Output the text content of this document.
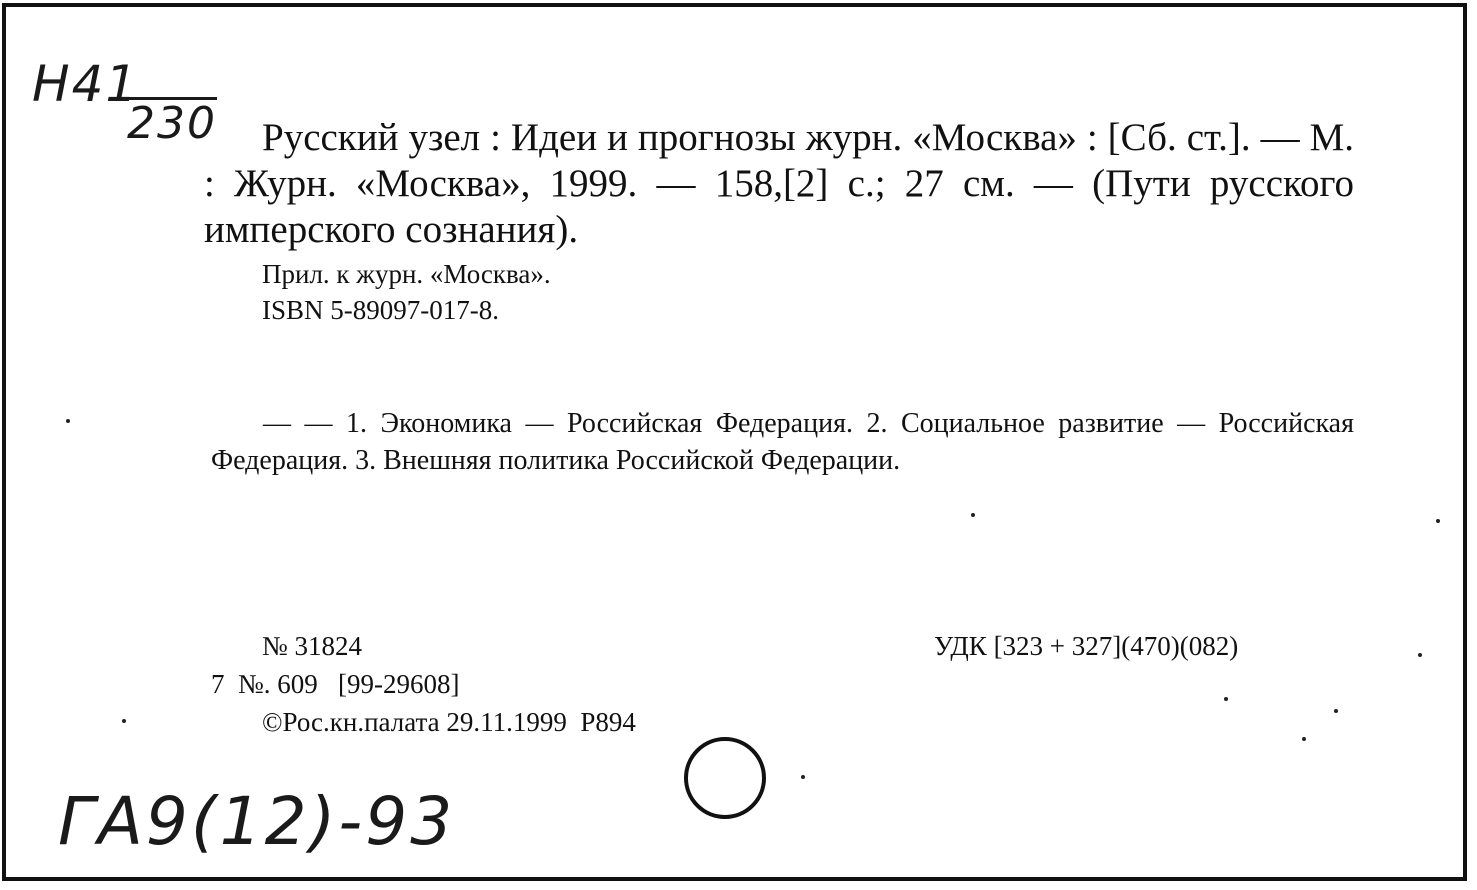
Н41
230	Русский узел : Идеи и прогнозы журн. «Москва» : [Сб. ст.]. — М. : Журн. «Москва», 1999. — 158,[2] с.; 27 см. — (Пути русского имперского сознания).
Прил. к журн. «Москва».
ISBN 5-89097-017-8.
— — 1. Экономика — Российская Федерация. 2. Социальное развитие — Российская Федерация. 3. Внешняя политика Российской Федерации.
№ 31824
7  №. 609   [99-29608]
©Рос.кн.палата 29.11.1999  Р894
УДК [323 + 327](470)(082)
ГА9(12)-93
